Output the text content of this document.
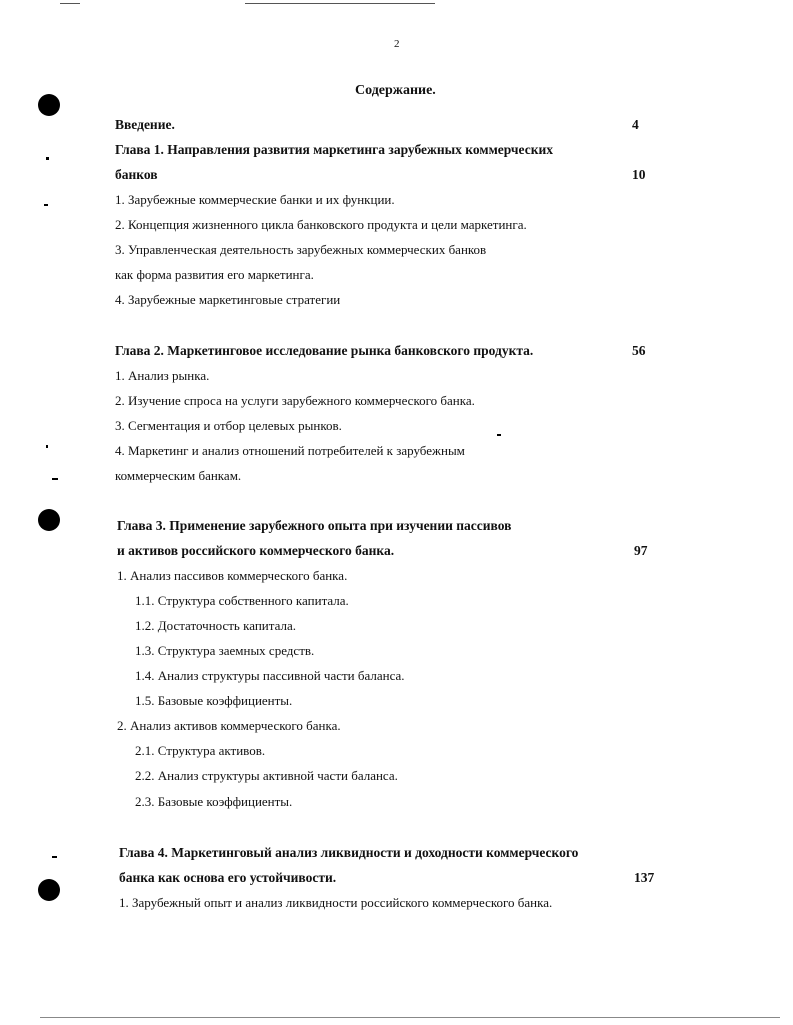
2
Содержание.
Введение.	4
Глава 1. Направления развития маркетинга зарубежных коммерческих
банков	10
1. Зарубежные коммерческие банки и их функции.
2. Концепция жизненного цикла банковского продукта и цели маркетинга.
3. Управленческая деятельность зарубежных коммерческих банков
как форма развития его маркетинга.
4. Зарубежные маркетинговые стратегии
Глава 2. Маркетинговое исследование рынка банковского продукта.	56
1. Анализ рынка.
2. Изучение спроса на услуги зарубежного коммерческого банка.
3. Сегментация и отбор целевых рынков.
4. Маркетинг и анализ отношений потребителей к зарубежным
коммерческим банкам.
Глава 3. Применение зарубежного опыта при изучении пассивов
и активов российского коммерческого банка.	97
1. Анализ пассивов коммерческого банка.
1.1. Структура собственного капитала.
1.2. Достаточность капитала.
1.3. Структура заемных средств.
1.4. Анализ структуры пассивной части баланса.
1.5. Базовые коэффициенты.
2. Анализ активов коммерческого банка.
2.1. Структура активов.
2.2. Анализ структуры активной части баланса.
2.3. Базовые коэффициенты.
Глава 4. Маркетинговый анализ ликвидности и доходности коммерческого
банка как основа его устойчивости.	137
1. Зарубежный опыт и анализ ликвидности российского коммерческого банка.
